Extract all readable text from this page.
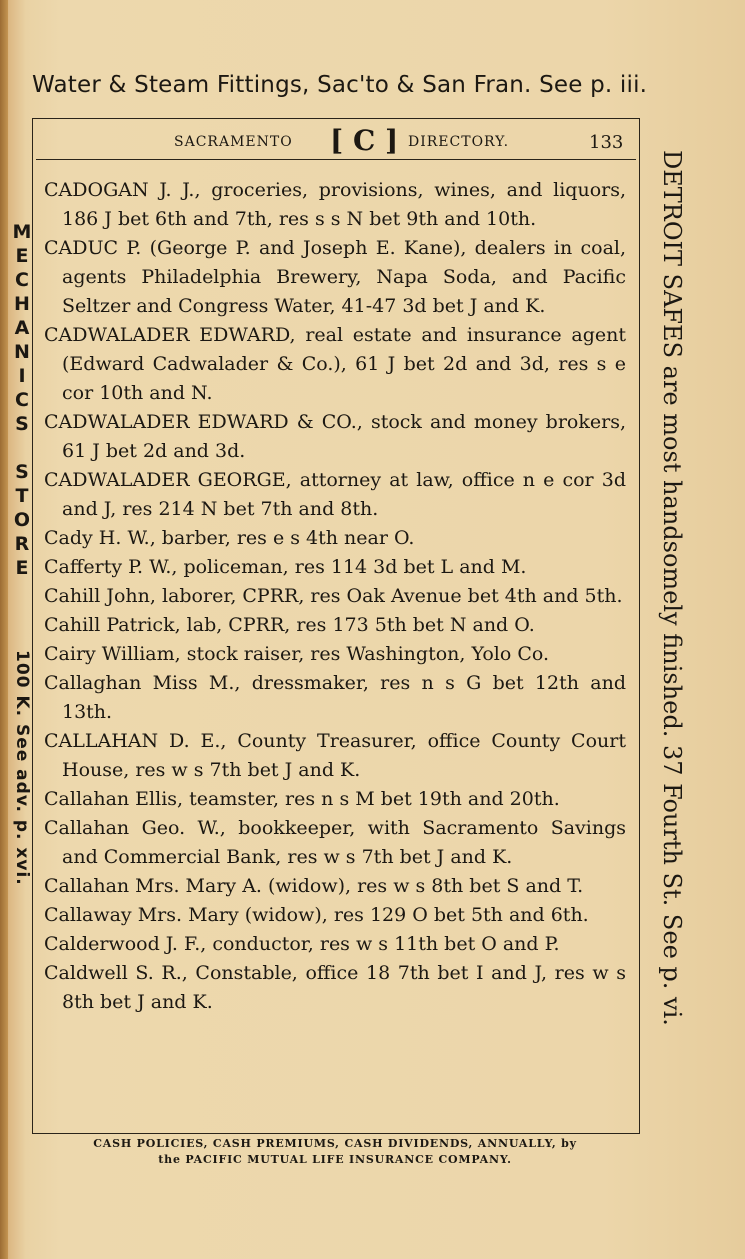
Water & Steam Fittings, Sac'to & San Fran. See p. iii.
SACRAMENTO [ C ] DIRECTORY.	133
M
E
C
H
A
N
I
C
S

S
T
O
R
E
100 K. See adv. p. xvi.	DETROIT SAFES are most handsomely finished. 37 Fourth St. See p. vi.
CADOGAN J. J., groceries, provisions, wines, and liquors, 186 J bet 6th and 7th, res s s N bet 9th and 10th.
CADUC P. (George P. and Joseph E. Kane), dealers in coal, agents Philadelphia Brewery, Napa Soda, and Pacific Seltzer and Congress Water, 41-47 3d bet J and K.
CADWALADER EDWARD, real estate and insurance agent (Edward Cadwalader & Co.), 61 J bet 2d and 3d, res s e cor 10th and N.
CADWALADER EDWARD & CO., stock and money brokers, 61 J bet 2d and 3d.
CADWALADER GEORGE, attorney at law, office n e cor 3d and J, res 214 N bet 7th and 8th.
Cady H. W., barber, res e s 4th near O.
Cafferty P. W., policeman, res 114 3d bet L and M.
Cahill John, laborer, CPRR, res Oak Avenue bet 4th and 5th.
Cahill Patrick, lab, CPRR, res 173 5th bet N and O.
Cairy William, stock raiser, res Washington, Yolo Co.
Callaghan Miss M., dressmaker, res n s G bet 12th and 13th.
CALLAHAN D. E., County Treasurer, office County Court House, res w s 7th bet J and K.
Callahan Ellis, teamster, res n s M bet 19th and 20th.
Callahan Geo. W., bookkeeper, with Sacramento Savings and Commercial Bank, res w s 7th bet J and K.
Callahan Mrs. Mary A. (widow), res w s 8th bet S and T.
Callaway Mrs. Mary (widow), res 129 O bet 5th and 6th.
Calderwood J. F., conductor, res w s 11th bet O and P.
Caldwell S. R., Constable, office 18 7th bet I and J, res w s 8th bet J and K.
CASH POLICIES, CASH PREMIUMS, CASH DIVIDENDS, ANNUALLY, by
the PACIFIC MUTUAL LIFE INSURANCE COMPANY.
